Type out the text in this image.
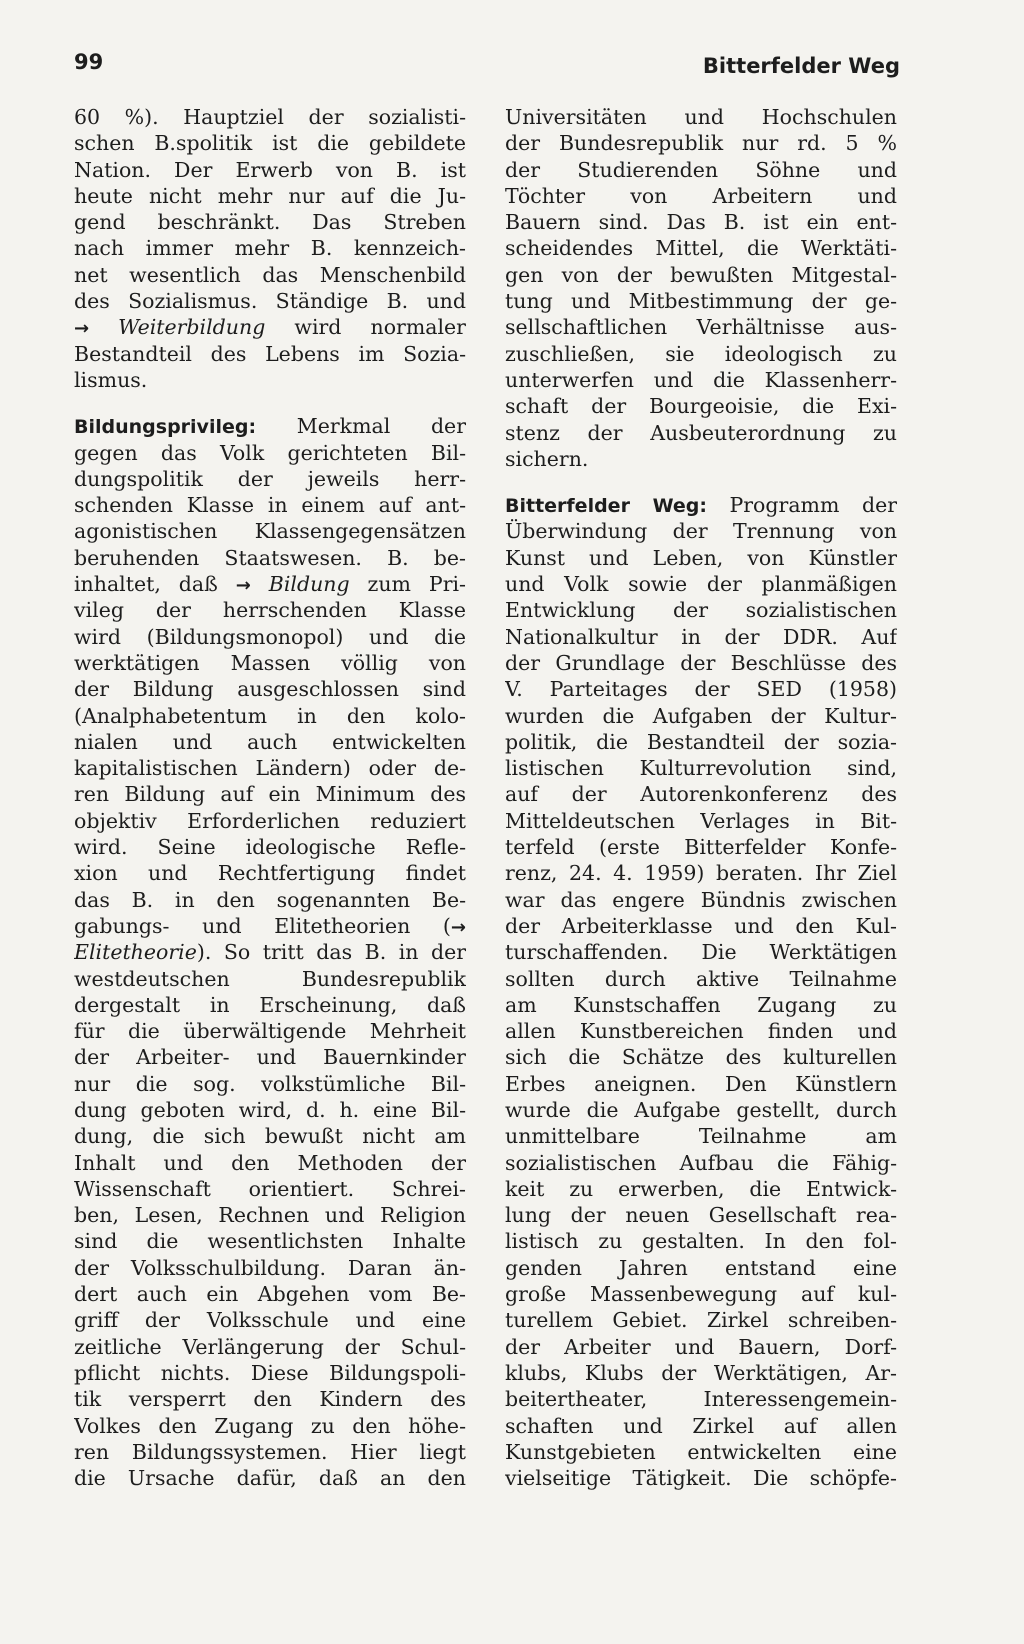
99	Bitterfelder Weg
60 %). Hauptziel der sozialisti-
schen B.spolitik ist die gebildete
Nation. Der Erwerb von B. ist
heute nicht mehr nur auf die Ju-
gend beschränkt. Das Streben
nach immer mehr B. kennzeich-
net wesentlich das Menschenbild
des Sozialismus. Ständige B. und
→ Weiterbildung wird normaler
Bestandteil des Lebens im Sozia-
lismus.
Bildungsprivileg: Merkmal der
gegen das Volk gerichteten Bil-
dungspolitik der jeweils herr-
schenden Klasse in einem auf ant-
agonistischen Klassengegensätzen
beruhenden Staatswesen. B. be-
inhaltet, daß → Bildung zum Pri-
vileg der herrschenden Klasse
wird (Bildungsmonopol) und die
werktätigen Massen völlig von
der Bildung ausgeschlossen sind
(Analphabetentum in den kolo-
nialen und auch entwickelten
kapitalistischen Ländern) oder de-
ren Bildung auf ein Minimum des
objektiv Erforderlichen reduziert
wird. Seine ideologische Refle-
xion und Rechtfertigung findet
das B. in den sogenannten Be-
gabungs- und Elitetheorien (→
Elitetheorie). So tritt das B. in der
westdeutschen Bundesrepublik
dergestalt in Erscheinung, daß
für die überwältigende Mehrheit
der Arbeiter- und Bauernkinder
nur die sog. volkstümliche Bil-
dung geboten wird, d. h. eine Bil-
dung, die sich bewußt nicht am
Inhalt und den Methoden der
Wissenschaft orientiert. Schrei-
ben, Lesen, Rechnen und Religion
sind die wesentlichsten Inhalte
der Volksschulbildung. Daran än-
dert auch ein Abgehen vom Be-
griff der Volksschule und eine
zeitliche Verlängerung der Schul-
pflicht nichts. Diese Bildungspoli-
tik versperrt den Kindern des
Volkes den Zugang zu den höhe-
ren Bildungssystemen. Hier liegt
die Ursache dafür, daß an den
Universitäten und Hochschulen
der Bundesrepublik nur rd. 5 %
der Studierenden Söhne und
Töchter von Arbeitern und
Bauern sind. Das B. ist ein ent-
scheidendes Mittel, die Werktäti-
gen von der bewußten Mitgestal-
tung und Mitbestimmung der ge-
sellschaftlichen Verhältnisse aus-
zuschließen, sie ideologisch zu
unterwerfen und die Klassenherr-
schaft der Bourgeoisie, die Exi-
stenz der Ausbeuterordnung zu
sichern.
Bitterfelder Weg: Programm der
Überwindung der Trennung von
Kunst und Leben, von Künstler
und Volk sowie der planmäßigen
Entwicklung der sozialistischen
Nationalkultur in der DDR. Auf
der Grundlage der Beschlüsse des
V. Parteitages der SED (1958)
wurden die Aufgaben der Kultur-
politik, die Bestandteil der sozia-
listischen Kulturrevolution sind,
auf der Autorenkonferenz des
Mitteldeutschen Verlages in Bit-
terfeld (erste Bitterfelder Konfe-
renz, 24. 4. 1959) beraten. Ihr Ziel
war das engere Bündnis zwischen
der Arbeiterklasse und den Kul-
turschaffenden. Die Werktätigen
sollten durch aktive Teilnahme
am Kunstschaffen Zugang zu
allen Kunstbereichen finden und
sich die Schätze des kulturellen
Erbes aneignen. Den Künstlern
wurde die Aufgabe gestellt, durch
unmittelbare Teilnahme am
sozialistischen Aufbau die Fähig-
keit zu erwerben, die Entwick-
lung der neuen Gesellschaft rea-
listisch zu gestalten. In den fol-
genden Jahren entstand eine
große Massenbewegung auf kul-
turellem Gebiet. Zirkel schreiben-
der Arbeiter und Bauern, Dorf-
klubs, Klubs der Werktätigen, Ar-
beitertheater, Interessengemein-
schaften und Zirkel auf allen
Kunstgebieten entwickelten eine
vielseitige Tätigkeit. Die schöpfe-
